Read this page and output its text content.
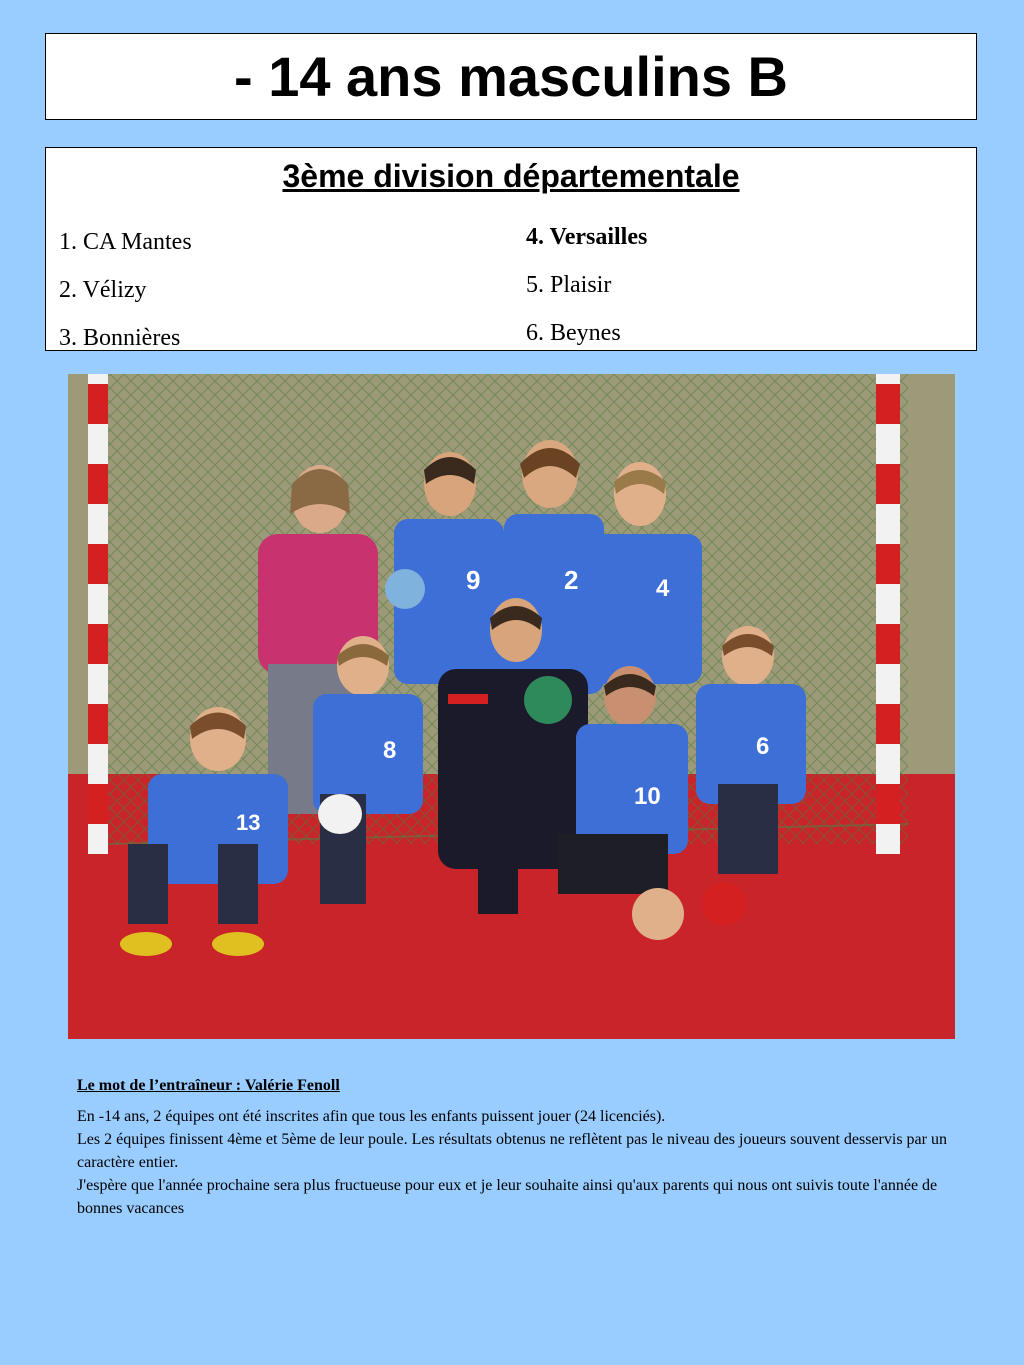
- 14 ans masculins B
3ème division départementale
1. CA Mantes
2. Vélizy
3. Bonnières
4. Versailles
5. Plaisir
6. Beynes
9	2	4
8
13
10
6
Le mot de l’entraîneur : Valérie Fenoll

En -14 ans, 2 équipes ont été inscrites afin que tous les enfants puissent jouer (24 licenciés).

Les 2 équipes finissent 4ème et 5ème de leur poule. Les résultats obtenus ne reflètent pas le niveau des joueurs souvent desservis par un caractère entier.

J'espère que l'année prochaine sera plus fructueuse pour eux et je leur souhaite ainsi qu'aux parents qui nous ont suivis toute l'année de bonnes vacances
